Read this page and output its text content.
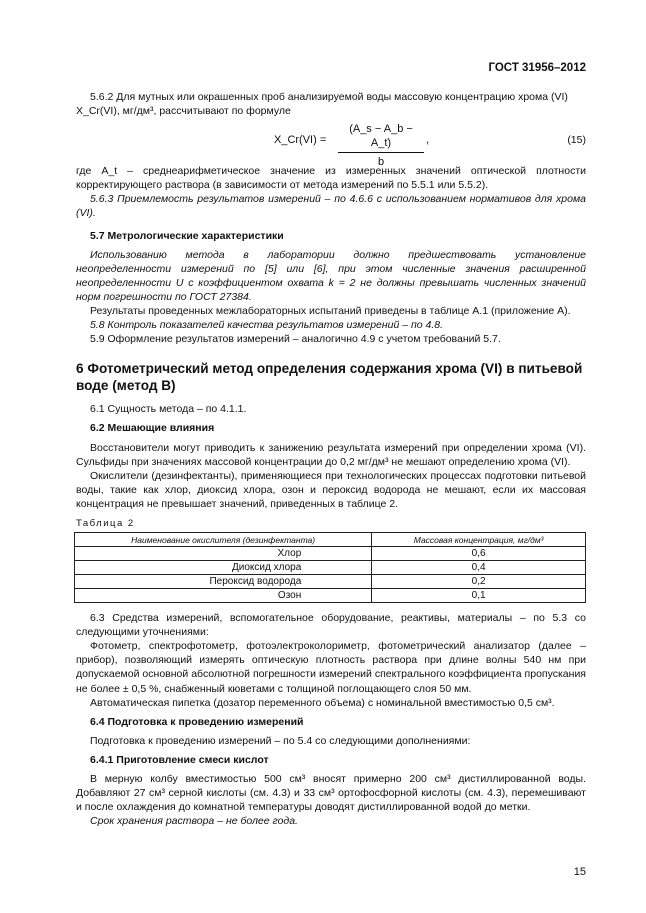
ГОСТ 31956–2012

5.6.2 Для мутных или окрашенных проб анализируемой воды массовую концентрацию хрома (VI)

X_Cr(VI), мг/дм³, рассчитывают по формуле

X_Cr(VI) = $\frac{(A\_s - A\_b - A\_t)}{b}$ ,	(15)

где A_t – среднеарифметическое значение из измеренных значений оптической плотности корректирующего раствора (в зависимости от метода измерений по 5.5.1 или 5.5.2).

5.6.3 Приемлемость результатов измерений – по 4.6.6 с использованием нормативов для хрома (VI).

5.7 Метрологические характеристики

Использованию метода в лаборатории должно предшествовать установление неопределенности измерений по [5] или [6], при этом численные значения расширенной неопределенности U с коэффициентом охвата k = 2 не должны превышать численных значений норм погрешности по ГОСТ 27384.

Результаты проведенных межлабораторных испытаний приведены в таблице А.1 (приложение А).

5.8 Контроль показателей качества результатов измерений – по 4.8.

5.9 Оформление результатов измерений – аналогично 4.9 с учетом требований 5.7.

6 Фотометрический метод определения содержания хрома (VI) в питьевой воде (метод В)

6.1 Сущность метода – по 4.1.1.

6.2 Мешающие влияния

Восстановители могут приводить к занижению результата измерений при определении хрома (VI). Сульфиды при значениях массовой концентрации до 0,2 мг/дм³ не мешают определению хрома (VI).

Окислители (дезинфектанты), применяющиеся при технологических процессах подготовки питьевой воды, такие как хлор, диоксид хлора, озон и пероксид водорода не мешают, если их массовая концентрация не превышает значений, приведенных в таблице 2.

Таблица 2
Наименование окислителя (дезинфектанта)	Массовая концентрация, мг/дм³
Хлор	0,6
Диоксид хлора	0,4
Пероксид водорода	0,2
Озон	0,1

6.3 Средства измерений, вспомогательное оборудование, реактивы, материалы – по 5.3 со следующими уточнениями:

Фотометр, спектрофотометр, фотоэлектроколориметр, фотометрический анализатор (далее – прибор), позволяющий измерять оптическую плотность раствора при длине волны 540 нм при допускаемой основной абсолютной погрешности измерений спектрального коэффициента пропускания не более ± 0,5 %, снабженный кюветами с толщиной поглощающего слоя 50 мм.

Автоматическая пипетка (дозатор переменного объема) с номинальной вместимостью 0,5 см³.

6.4 Подготовка к проведению измерений

Подготовка к проведению измерений – по 5.4 со следующими дополнениями:

6.4.1 Приготовление смеси кислот

В мерную колбу вместимостью 500 см³ вносят примерно 200 см³ дистиллированной воды. Добавляют 27 см³ серной кислоты (см. 4.3) и 33 см³ ортофосфорной кислоты (см. 4.3), перемешивают и после охлаждения до комнатной температуры доводят дистиллированной водой до метки.

Срок хранения раствора – не более года.

15
